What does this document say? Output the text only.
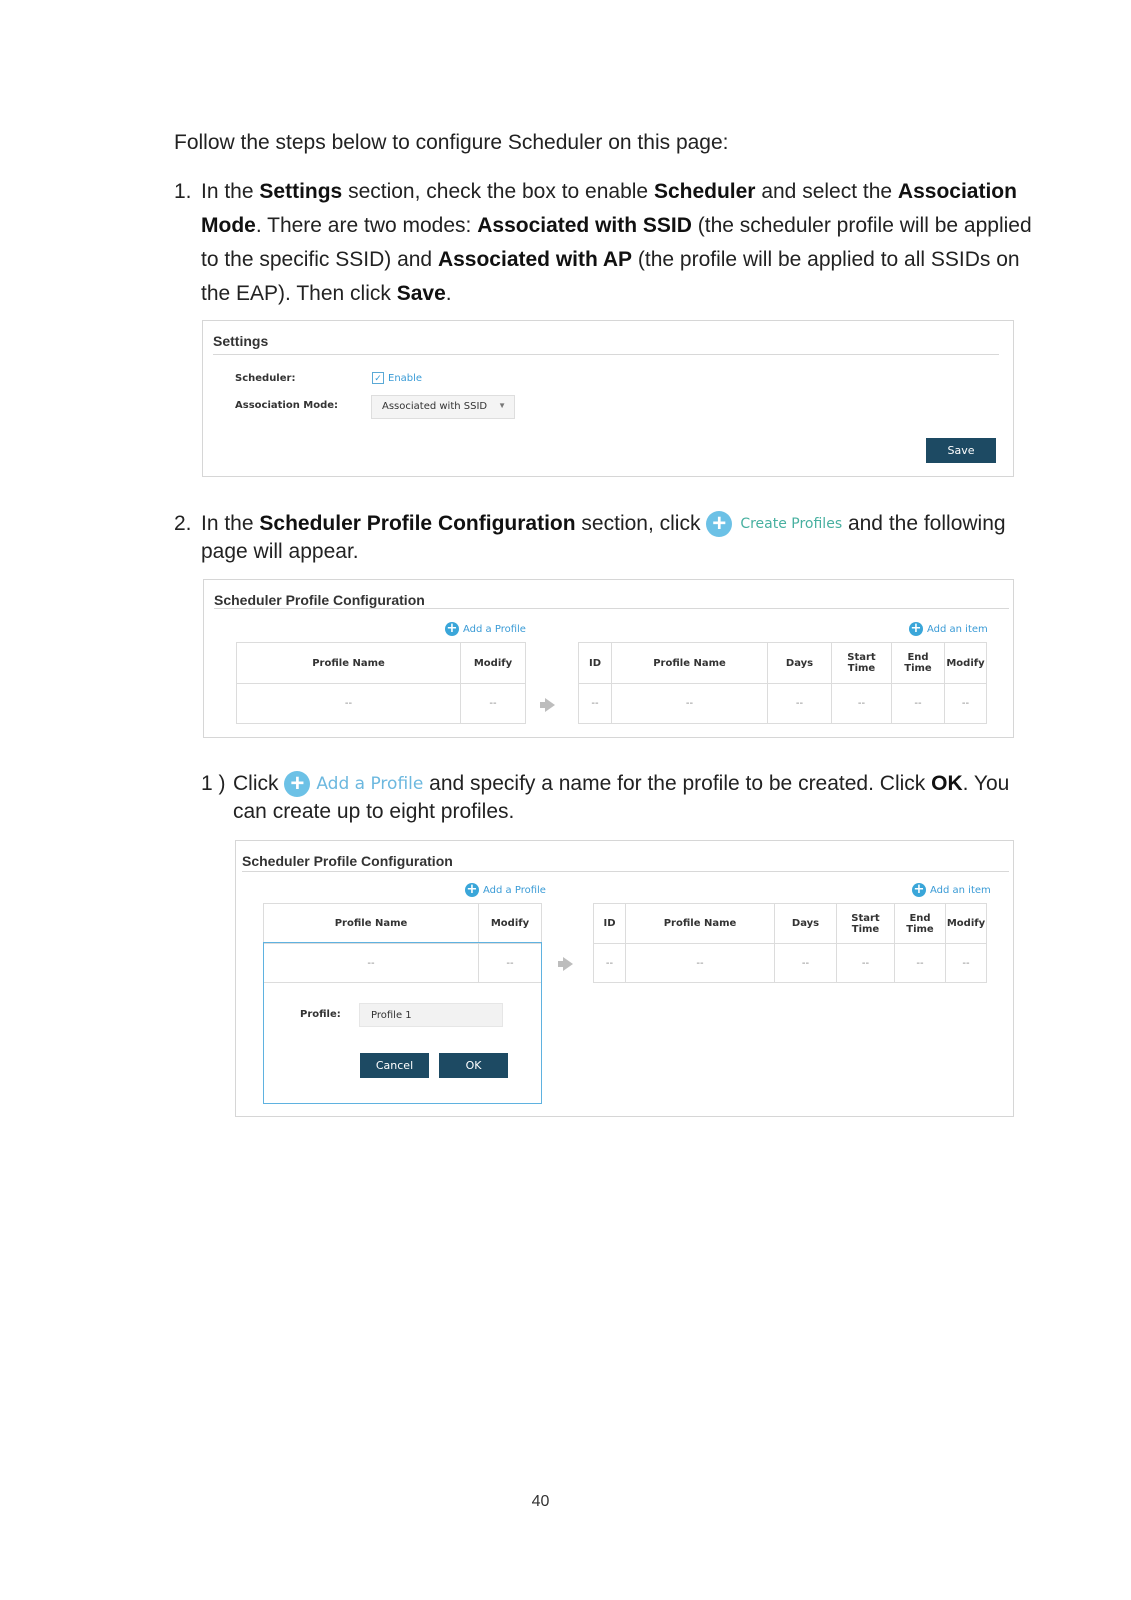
Follow the steps below to configure Scheduler on this page:
1. In the Settings section, check the box to enable Scheduler and select the Association
Mode. There are two modes: Associated with SSID (the scheduler profile will be applied
to the specific SSID) and Associated with AP (the profile will be applied to all SSIDs on
the EAP). Then click Save.
Settings
Scheduler:	✓ Enable
Association Mode:	Associated with SSID ▼
Save
2. In the Scheduler Profile Configuration section, click +	Create Profiles and the following
page will appear.
Scheduler Profile Configuration
+ Add a Profile	+ Add an item
Profile Name	Modify
--	--
ID	Profile Name	Days	Start Time	End Time	Modify
--	--	--	--	--	--
1 ) Click + Add a Profile and specify a name for the profile to be created. Click OK. You
can create up to eight profiles.
Scheduler Profile Configuration
+ Add a Profile	+ Add an item
Profile Name	Modify
--	--
Profile:	Profile 1
Cancel	OK
ID	Profile Name	Days	Start Time	End Time	Modify
--	--	--	--	--	--
40
